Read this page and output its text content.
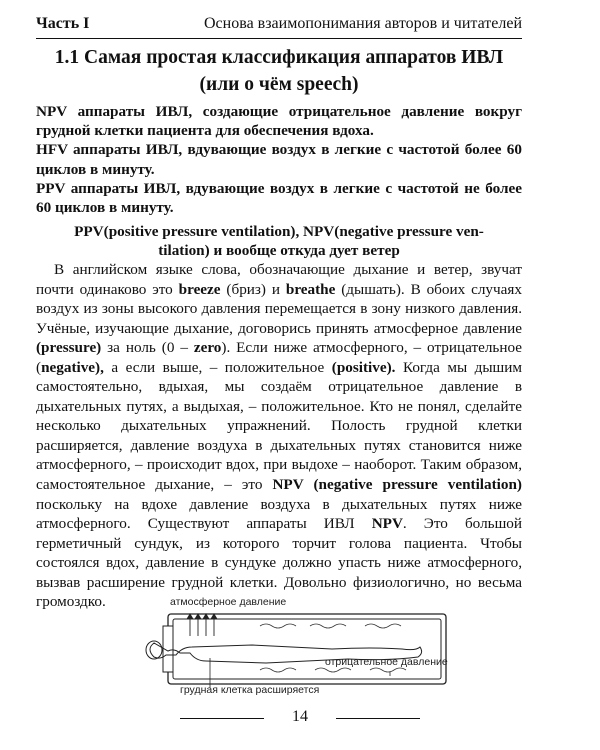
Часть I	Основа взаимопонимания авторов и читателей
1.1 Самая простая классификация аппаратов ИВЛ
(или о чём speech)

NPV аппараты ИВЛ, создающие отрицательное давление вокруг грудной клетки пациента для обеспечения вдоха.

HFV аппараты ИВЛ, вдувающие воздух в легкие с частотой более 60 циклов в минуту.

PPV аппараты ИВЛ, вдувающие воздух в легкие с частотой не более 60 циклов в минуту.

PPV(positive pressure ventilation), NPV(negative pressure ven-
tilation) и вообще откуда дует ветер

В английском языке слова, обозначающие дыхание и ветер, звучат почти одинаково это breeze (бриз) и breathe (дышать). В обоих случаях воздух из зоны высокого давления перемещается в зону низкого давления. Учёные, изучающие дыхание, договорись принять атмосферное давление (pressure) за ноль (0 – zero). Если ниже атмосферного, – отрицательное (negative), а если выше, – положительное (positive). Когда мы дышим самостоятельно, вдыхая, мы создаём отрицательное давление в дыхательных путях, а выдыхая, – положительное. Кто не понял, сделайте несколько дыхательных упражнений. Полость грудной клетки расширяется, давление воздуха в дыхательных путях становится ниже атмосферного, – происходит вдох, при выдохе – наоборот. Таким образом, самостоятельное дыхание, – это NPV (negative pressure ventilation) поскольку на вдохе давление воздуха в дыхательных путях ниже атмосферного. Существуют аппараты ИВЛ NPV. Это большой герметичный сундук, из которого торчит голова пациента. Чтобы состоялся вдох, давление в сундуке должно упасть ниже атмосферного, вызвав расширение грудной клетки. Довольно физиологично, но весьма громоздко.	атмосферное давление
отрицательное давление
грудная клетка расширяется
14
